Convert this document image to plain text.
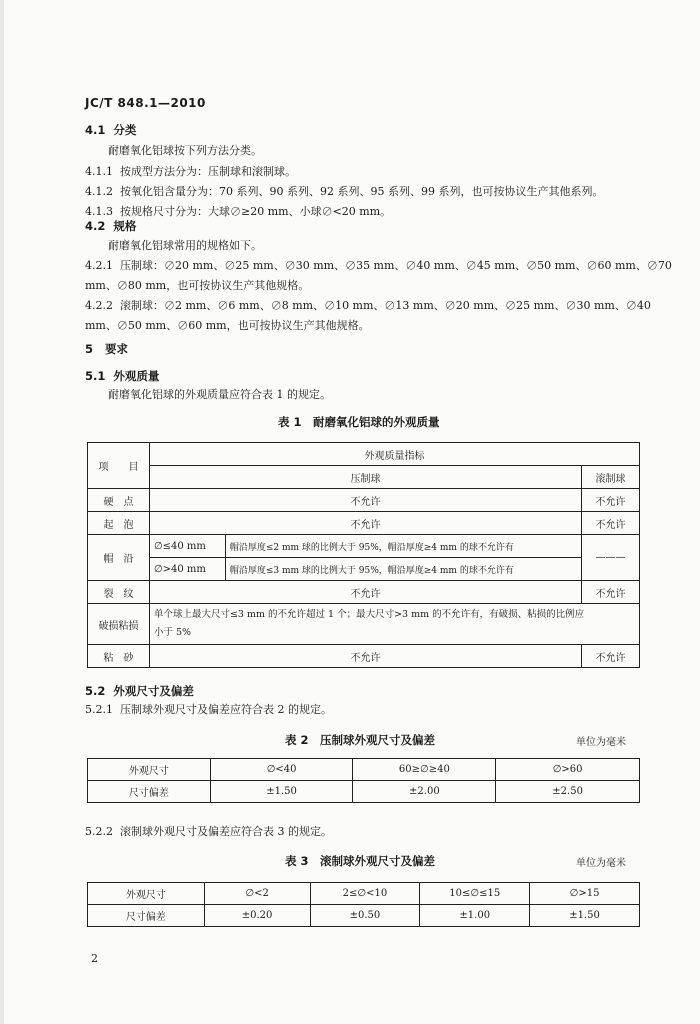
JC/T 848.1—2010
4.1 分类
耐磨氧化铝球按下列方法分类。
4.1.1 按成型方法分为：压制球和滚制球。
4.1.2 按氧化铝含量分为：70 系列、90 系列、92 系列、95 系列、99 系列，也可按协议生产其他系列。
4.1.3 按规格尺寸分为：大球∅≥20 mm、小球∅<20 mm。
4.2 规格
耐磨氧化铝球常用的规格如下。
4.2.1 压制球：∅20 mm、∅25 mm、∅30 mm、∅35 mm、∅40 mm、∅45 mm、∅50 mm、∅60 mm、∅70
mm、∅80 mm，也可按协议生产其他规格。
4.2.2 滚制球：∅2 mm、∅6 mm、∅8 mm、∅10 mm、∅13 mm、∅20 mm、∅25 mm、∅30 mm、∅40
mm、∅50 mm、∅60 mm，也可按协议生产其他规格。
5 要求
5.1 外观质量
耐磨氧化铝球的外观质量应符合表 1 的规定。
表 1　耐磨氧化铝球的外观质量
项　　目	外观质量指标		
	压制球		滚制球
硬　点	不允许		不允许
起　泡	不允许		不允许
帽　沿	∅≤40 mm	帽沿厚度≤2 mm 球的比例大于 95%，帽沿厚度≥4 mm 的球不允许有	———
	∅>40 mm	帽沿厚度≤3 mm 球的比例大于 95%，帽沿厚度≥4 mm 的球不允许有	
裂　纹	不允许		不允许
破损粘损	单个球上最大尺寸≤3 mm 的不允许超过 1 个；最大尺寸>3 mm 的不允许有，有破损、粘损的比例应
小于 5%		

粘　砂	不允许		不允许
5.2 外观尺寸及偏差
5.2.1 压制球外观尺寸及偏差应符合表 2 的规定。
表 2　压制球外观尺寸及偏差	单位为毫米
外观尺寸	∅<40	60≥∅≥40	∅>60
尺寸偏差	±1.50	±2.00	±2.50
5.2.2 滚制球外观尺寸及偏差应符合表 3 的规定。
表 3　滚制球外观尺寸及偏差	单位为毫米
外观尺寸	∅<2	2≤∅<10	10≤∅≤15	∅>15
尺寸偏差	±0.20	±0.50	±1.00	±1.50
2
